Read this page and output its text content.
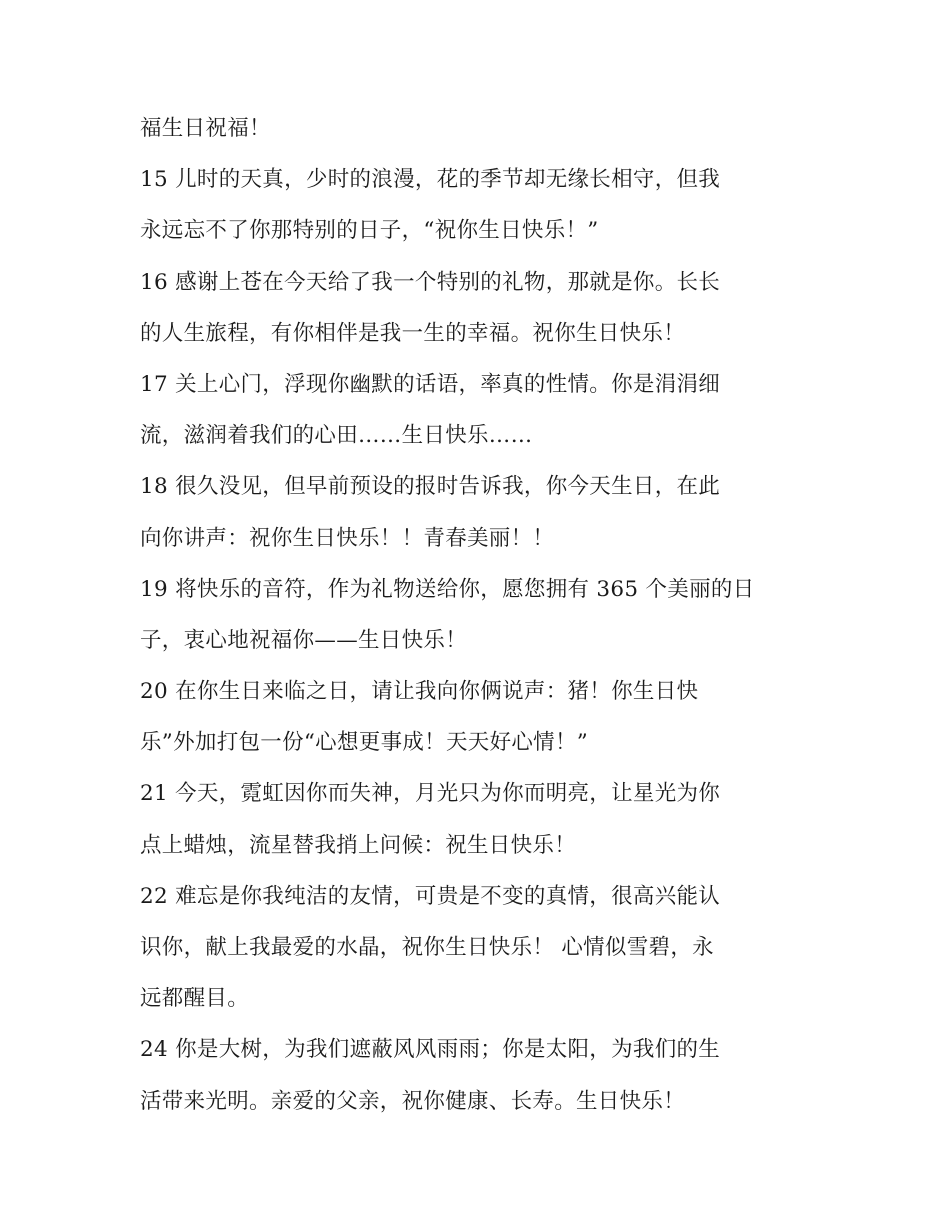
福生日祝福！
15 儿时的天真，少时的浪漫，花的季节却无缘长相守，但我
永远忘不了你那特别的日子，“祝你生日快乐！”
16 感谢上苍在今天给了我一个特别的礼物，那就是你。长长
的人生旅程，有你相伴是我一生的幸福。祝你生日快乐！
17 关上心门，浮现你幽默的话语，率真的性情。你是涓涓细
流，滋润着我们的心田……生日快乐……
18 很久没见，但早前预设的报时告诉我，你今天生日，在此
向你讲声：祝你生日快乐！！青春美丽！！
19 将快乐的音符，作为礼物送给你，愿您拥有 365 个美丽的日
子，衷心地祝福你——生日快乐！
20 在你生日来临之日，请让我向你俩说声：猪！你生日快
乐”外加打包一份“心想更事成！天天好心情！”
21 今天，霓虹因你而失神，月光只为你而明亮，让星光为你
点上蜡烛，流星替我捎上问候：祝生日快乐！
22 难忘是你我纯洁的友情，可贵是不变的真情，很高兴能认
识你，献上我最爱的水晶，祝你生日快乐！ 心情似雪碧，永
远都醒目。
24 你是大树，为我们遮蔽风风雨雨；你是太阳，为我们的生
活带来光明。亲爱的父亲，祝你健康、长寿。生日快乐！
